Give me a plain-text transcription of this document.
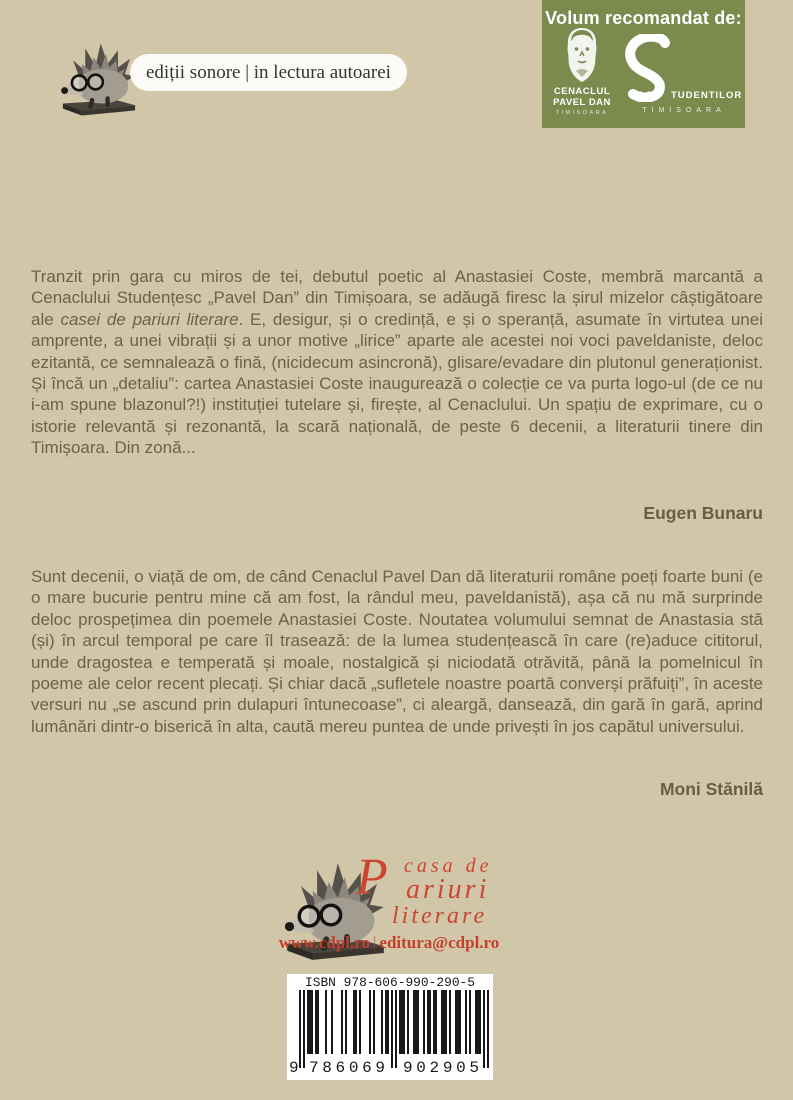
ediții sonore | in lectura autoarei
Volum recomandat de:
CENACLUL
PAVEL DAN
TIMISOARA
CASA TUDENTILOR
TIMISOARA

Tranzit prin gara cu miros de tei, debutul poetic al Anastasiei Coste, membră marcantă a Cenaclului Studențesc „Pavel Dan” din Timișoara, se adăugă firesc la șirul mizelor câștigătoare ale casei de pariuri literare. E, desigur, și o credință, e și o speranță, asumate în virtutea unei amprente, a unei vibrații și a unor motive „lirice” aparte ale acestei noi voci paveldaniste, deloc ezitantă, ce semnalează o fină, (nicidecum asincronă), glisare/evadare din plutonul generaționist. Și încă un „detaliu”: cartea Anastasiei Coste inaugurează o colecție ce va purta logo-ul (de ce nu i-am spune blazonul?!) instituției tutelare și, firește, al Cenaclului. Un spațiu de exprimare, cu o istorie relevantă și rezonantă, la scară națională, de peste 6 decenii, a literaturii tinere din Timișoara. Din zonă...

Eugen Bunaru

Sunt decenii, o viață de om, de când Cenaclul Pavel Dan dă literaturii române poeți foarte buni (e o mare bucurie pentru mine că am fost, la rândul meu, paveldanistă), așa că nu mă surprinde deloc prospețimea din poemele Anastasiei Coste. Noutatea volumului semnat de Anastasia stă (și) în arcul temporal pe care îl trasează: de la lumea studențească în care (re)aduce cititorul, unde dragostea e temperată și moale, nostalgică și niciodată otrăvită, până la pomelnicul în poeme ale celor recent plecați. Și chiar dacă „sufletele noastre poartă converși prăfuiți”, în aceste versuri nu „se ascund prin dulapuri întunecoase”, ci aleargă, dansează, din gară în gară, aprind lumânări dintr-o biserică în alta, caută mereu puntea de unde privești în jos capătul universului.

Moni Stănilă
P casa de
ariuri
literare
www.cdpl.ro | editura@cdpl.ro
ISBN 978-606-990-290-5
9 786069 902905
